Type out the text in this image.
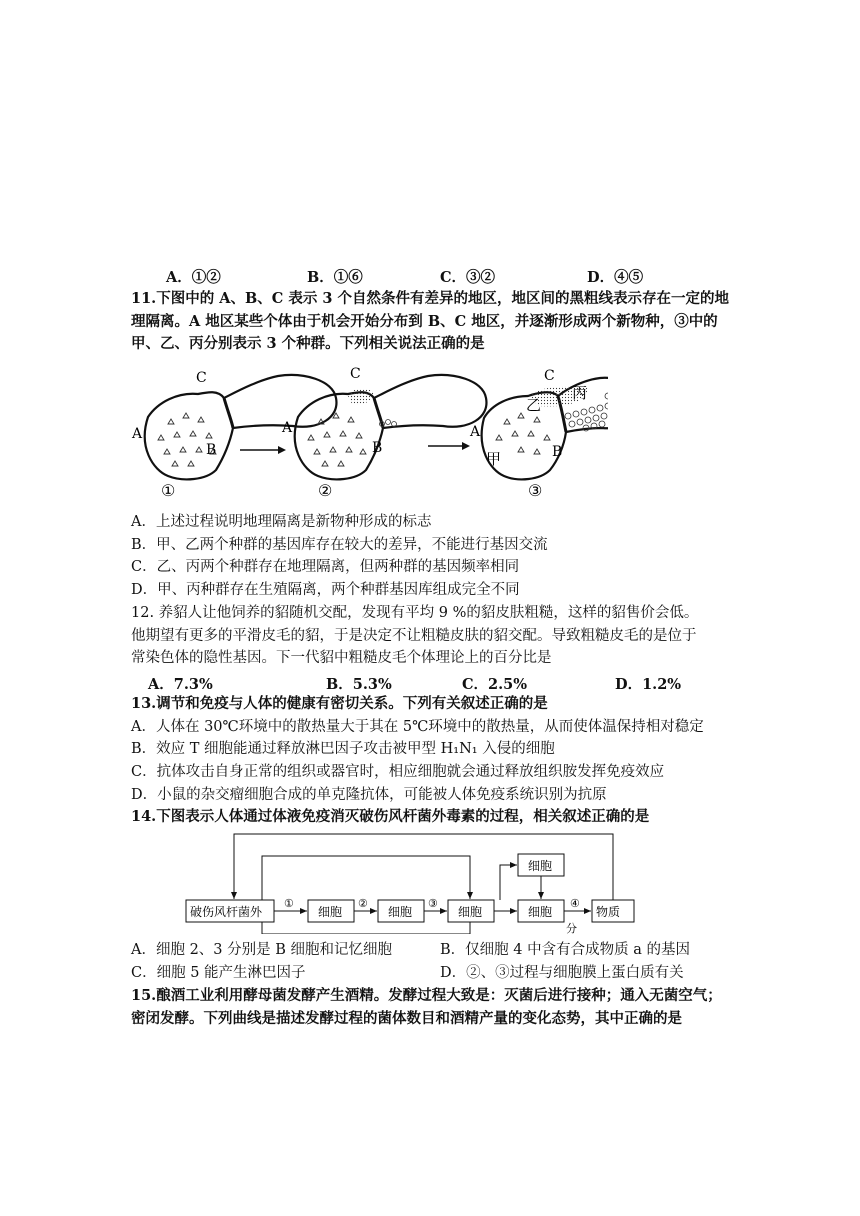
A．①②	B．①⑥	C．③②	D．④⑤
11.下图中的 A、B、C 表示 3 个自然条件有差异的地区，地区间的黑粗线表示存在一定的地
理隔离。A 地区某些个体由于机会开始分布到 B、C 地区，并逐渐形成两个新物种，③中的
甲、乙、丙分别表示 3 个种群。下列相关说法正确的是
C
A
B
①
C
A
B
②
C
A
B
乙
丙
甲
③
A．上述过程说明地理隔离是新物种形成的标志
B．甲、乙两个种群的基因库存在较大的差异，不能进行基因交流
C．乙、丙两个种群存在地理隔离，但两种群的基因频率相同
D．甲、丙种群存在生殖隔离，两个种群基因库组成完全不同
12. 养貂人让他饲养的貂随机交配，发现有平均 9 %的貂皮肤粗糙，这样的貂售价会低。
他期望有更多的平滑皮毛的貂，于是决定不让粗糙皮肤的貂交配。导致粗糙皮毛的是位于
常染色体的隐性基因。下一代貂中粗糙皮毛个体理论上的百分比是
A．7.3%	B．5.3%	C．2.5%	D．1.2%
13.调节和免疫与人体的健康有密切关系。下列有关叙述正确的是
A．人体在 30℃环境中的散热量大于其在 5℃环境中的散热量，从而使体温保持相对稳定
B．效应 T 细胞能通过释放淋巴因子攻击被甲型 H₁N₁ 入侵的细胞
C．抗体攻击自身正常的组织或器官时，相应细胞就会通过释放组织胺发挥免疫效应
D．小鼠的杂交瘤细胞合成的单克隆抗体，可能被人体免疫系统识别为抗原
14.下图表示人体通过体液免疫消灭破伤风杆菌外毒素的过程，相关叙述正确的是
破伤风杆菌外	细胞	细胞	细胞	细胞
细胞
物质
①	②	③	④
分
A．细胞 2、3 分别是 B 细胞和记忆细胞	B．仅细胞 4 中含有合成物质 a 的基因
C．细胞 5 能产生淋巴因子	D．②、③过程与细胞膜上蛋白质有关
15.酿酒工业利用酵母菌发酵产生酒精。发酵过程大致是：灭菌后进行接种；通入无菌空气；
密闭发酵。下列曲线是描述发酵过程的菌体数目和酒精产量的变化态势，其中正确的是
